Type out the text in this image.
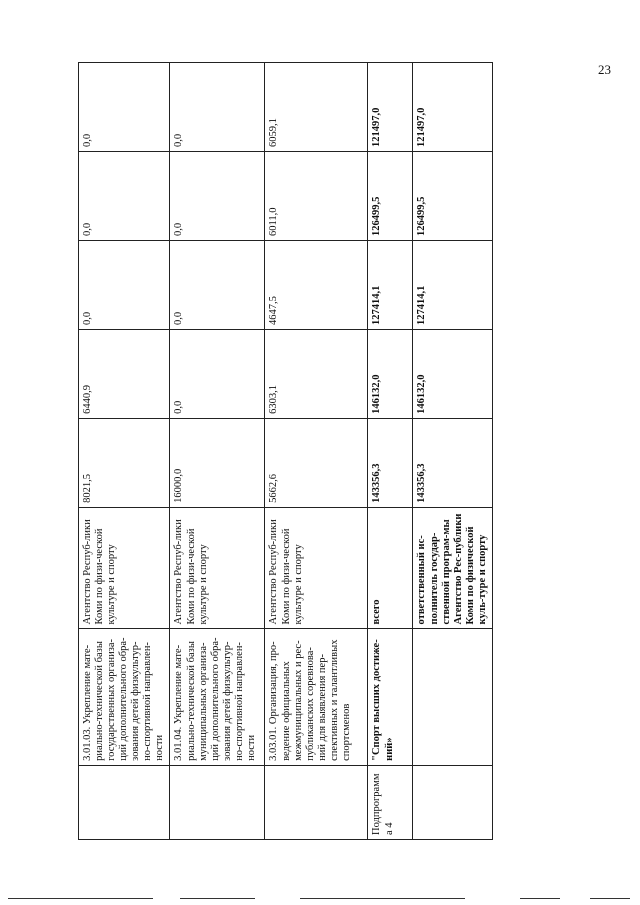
23
	3.01.03. Укрепление мате-риально-технической базы государственных организа-ций дополнительного обра-зования детей физкультур-но-спортивной направлен-ности	Агентство Респуб-лики Коми по физи-ческой культуре и спорту	8021,5	6440,9	0,0	0,0	0,0
	3.01.04. Укрепление мате-риально-технической базы муниципальных организа-ций дополнительного обра-зования детей физкультур-но-спортивной направлен-ности	Агентство Респуб-лики Коми по физи-ческой культуре и спорту	16000,0	0,0	0,0	0,0	0,0
	3.03.01. Организация, про-ведение официальных межмуниципальных и рес-публиканских соревнова-ний для выявления пер-спективных и талантливых спортсменов	Агентство Респуб-лики Коми по физи-ческой культуре и спорту	5662,6	6303,1	4647,5	6011,0	6059,1
Подпрограмма 4	"Спорт высших достиже-ний»	всего	143356,3	146132,0	127414,1	126499,5	121497,0
		ответственный ис-полнитель государ-ственной програм-мы Агентство Рес-публики Коми по физической куль-туре и спорту	143356,3	146132,0	127414,1	126499,5	121497,0
